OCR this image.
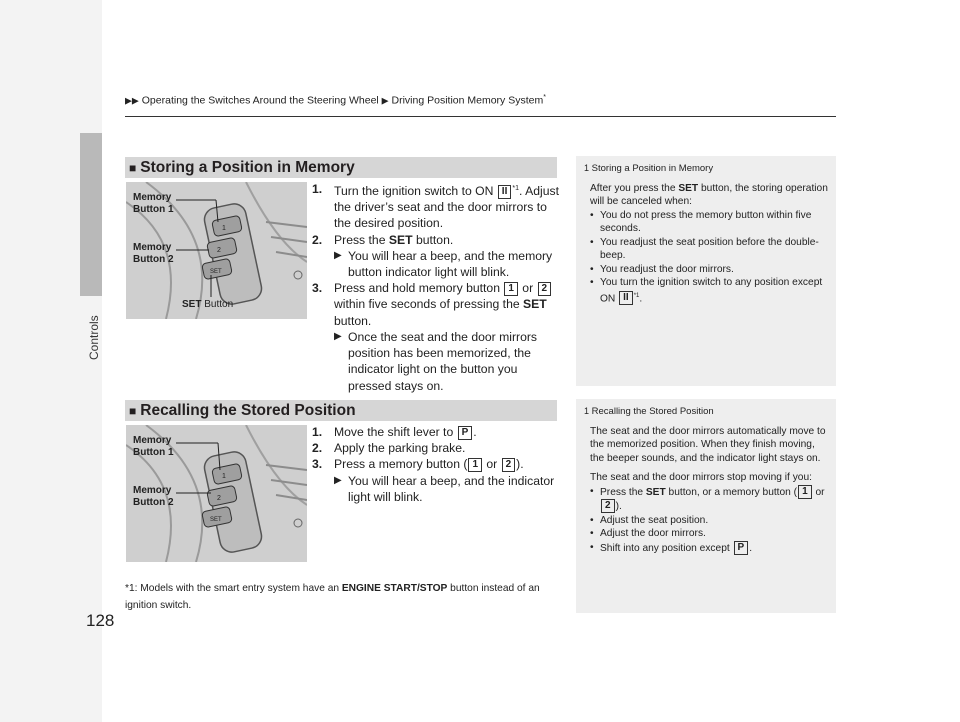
Controls
128
▶▶ Operating the Switches Around the Steering Wheel ▶ Driving Position Memory System*
■ Storing a Position in Memory
1
2
SET
Memory
Button 1
Memory
Button 2
SET Button
1. Turn the ignition switch to ON II $^{*1}$. Adjust the driver’s seat and the door mirrors to the desired position.
2. Press the SET button.
▶ You will hear a beep, and the memory button indicator light will blink.
3. Press and hold memory button 1 or 2 within five seconds of pressing the SET button.
▶ Once the seat and the door mirrors position has been memorized, the indicator light on the button you pressed stays on.
1 Storing a Position in Memory

After you press the SET button, the storing operation will be canceled when:

• You do not press the memory button within five seconds.
• You readjust the seat position before the double-beep.
• You readjust the door mirrors.
• You turn the ignition switch to any position except ON II $^{*1}$.
■ Recalling the Stored Position
1
2
SET
Memory
Button 1
Memory
Button 2
1. Move the shift lever to P .
2. Apply the parking brake.
3. Press a memory button ( 1 or 2 ).
▶ You will hear a beep, and the indicator light will blink.
1 Recalling the Stored Position

The seat and the door mirrors automatically move to the memorized position. When they finish moving, the beeper sounds, and the indicator light stays on.

The seat and the door mirrors stop moving if you:

• Press the SET button, or a memory button ( 1 or 2 ).
• Adjust the seat position.
• Adjust the door mirrors.
• Shift into any position except P .
*1: Models with the smart entry system have an ENGINE START/STOP button instead of an ignition switch.
